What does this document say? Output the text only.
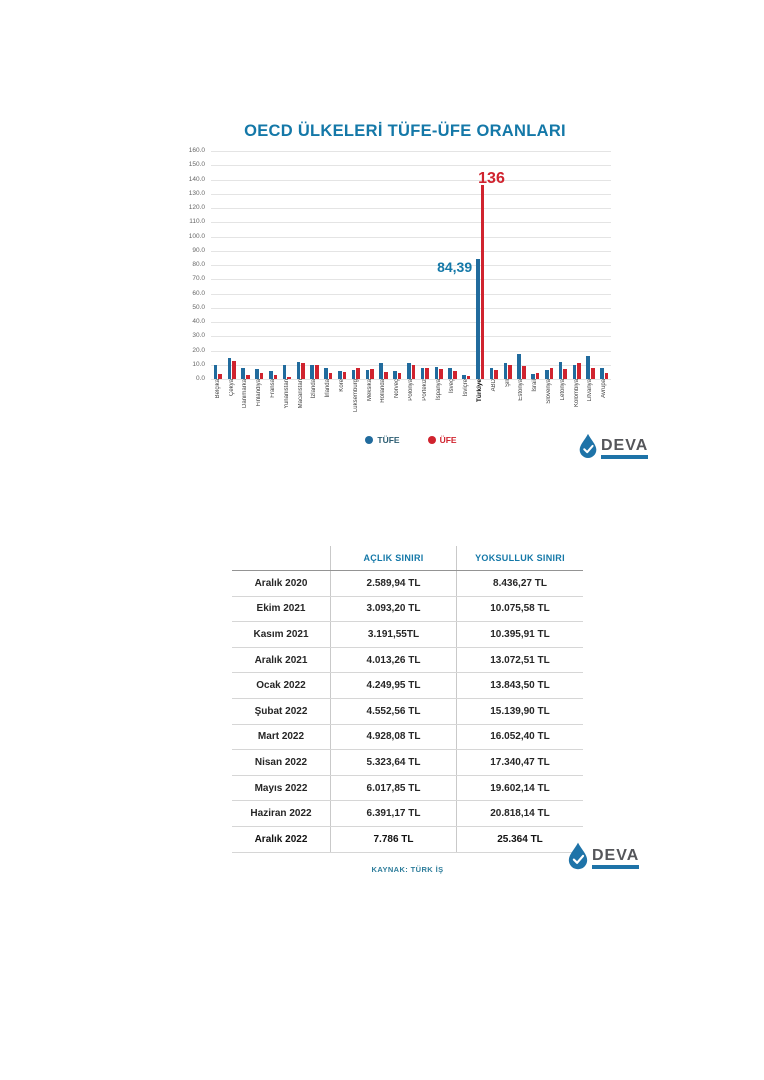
OECD ÜLKELERİ TÜFE-ÜFE ORANLARI
160.0
150.0
140.0
130.0
120.0
110.0
100.0
90.0
80.0
70.0
60.0
50.0
40.0
30.0
20.0
10.0
0.0
84,39
136
Belçika Çekya Danimarka Finlandiya Fransa Yunanistan Macaristan İzlanda İrlanda Kore Lüksemburg Meksika Hollanda Norveç Polonya Portekiz İspanya İsveç İsviçre Türkiye ABD Şili Estonya İsrail Slovenya Letonya Kolombiya Litvanya Avrupa
TÜFE	ÜFE	DEVA
AÇLIK SINIRI	YOKSULLUK SINIRI
Aralık 2020	2.589,94 TL	8.436,27 TL
Ekim 2021	3.093,20 TL	10.075,58 TL
Kasım 2021	3.191,55TL	10.395,91 TL
Aralık 2021	4.013,26 TL	13.072,51 TL
Ocak 2022	4.249,95 TL	13.843,50 TL
Şubat 2022	4.552,56 TL	15.139,90 TL
Mart 2022	4.928,08 TL	16.052,40 TL
Nisan 2022	5.323,64 TL	17.340,47 TL
Mayıs 2022	6.017,85 TL	19.602,14 TL
Haziran 2022	6.391,17 TL	20.818,14 TL
Aralık 2022	7.786 TL	25.364 TL
KAYNAK: TÜRK İŞ
DEVA
